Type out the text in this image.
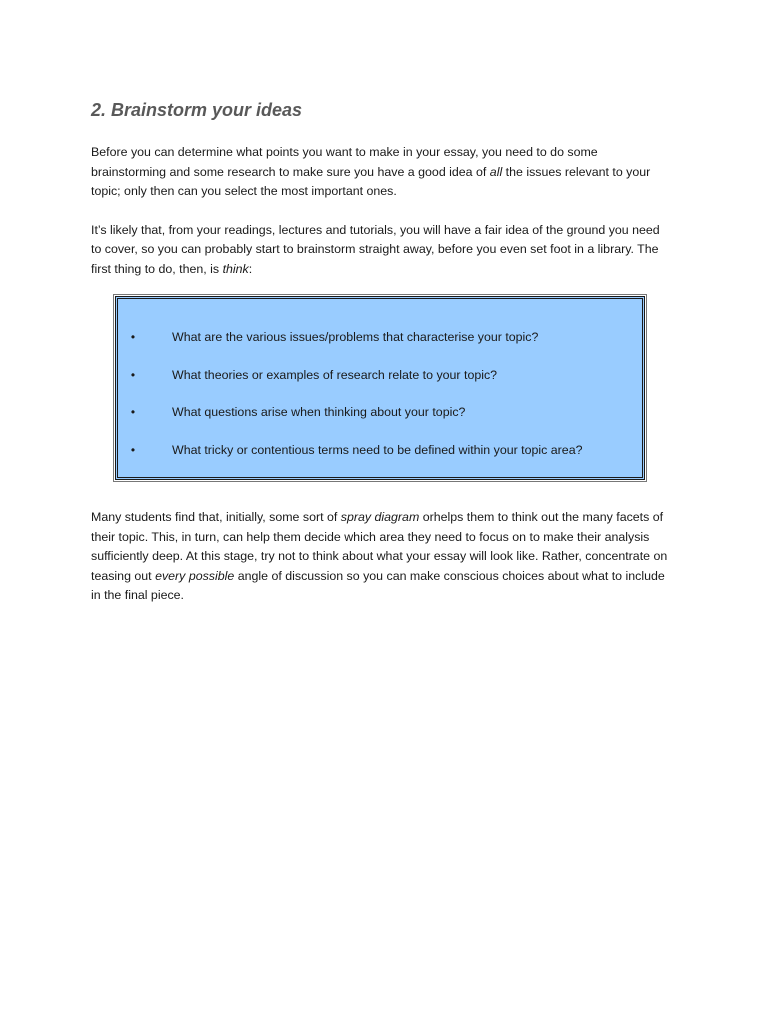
2. Brainstorm your ideas

Before you can determine what points you want to make in your essay, you need to do some brainstorming and some research to make sure you have a good idea of all the issues relevant to your topic; only then can you select the most important ones.

It’s likely that, from your readings, lectures and tutorials, you will have a fair idea of the ground you need to cover, so you can probably start to brainstorm straight away, before you even set foot in a library. The first thing to do, then, is think:

•	What are the various issues/problems that characterise your topic?
•	What theories or examples of research relate to your topic?
•	What questions arise when thinking about your topic?
•	What tricky or contentious terms need to be defined within your topic area?

Many students find that, initially, some sort of spray diagram orhelps them to think out the many facets of their topic. This, in turn, can help them decide which area they need to focus on to make their analysis sufficiently deep. At this stage, try not to think about what your essay will look like. Rather, concentrate on teasing out every possible angle of discussion so you can make conscious choices about what to include in the final piece.
